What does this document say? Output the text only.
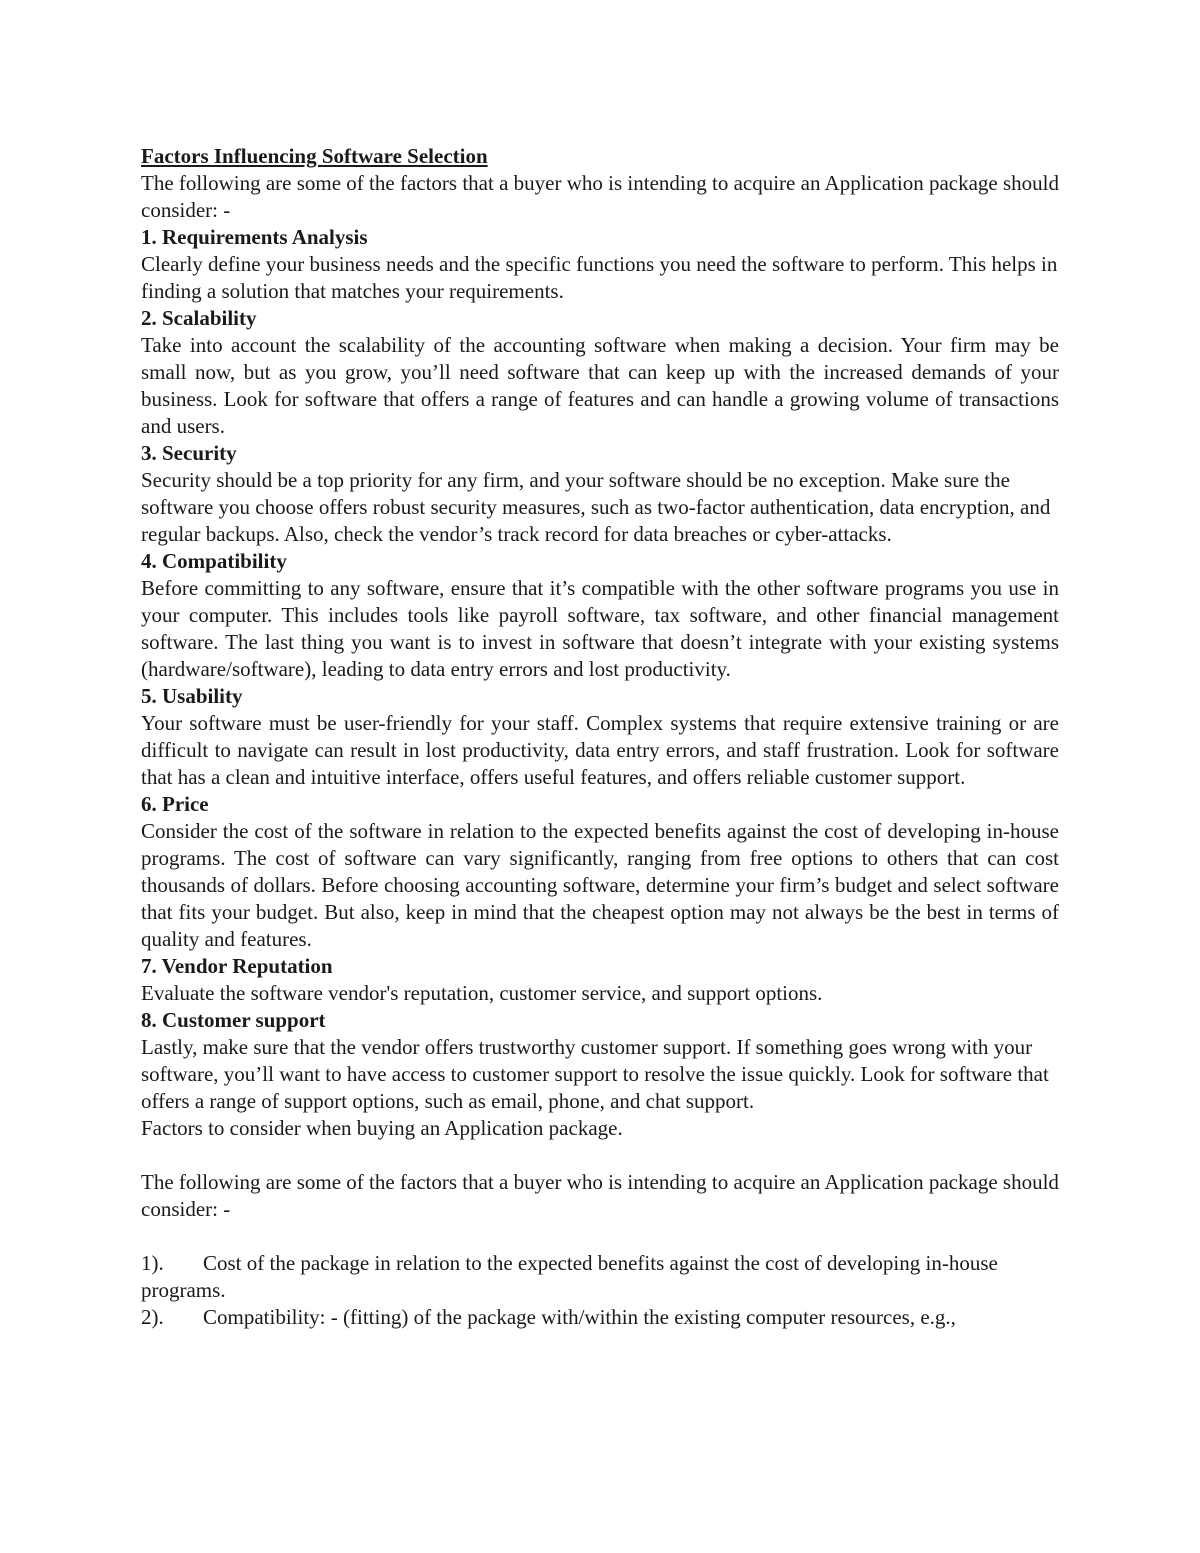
Factors Influencing Software Selection

The following are some of the factors that a buyer who is intending to acquire an Application package should consider: -

1. Requirements Analysis

Clearly define your business needs and the specific functions you need the software to perform. This helps in finding a solution that matches your requirements.

2. Scalability

Take into account the scalability of the accounting software when making a decision. Your firm may be small now, but as you grow, you’ll need software that can keep up with the increased demands of your business. Look for software that offers a range of features and can handle a growing volume of transactions and users.

3. Security

Security should be a top priority for any firm, and your software should be no exception. Make sure the software you choose offers robust security measures, such as two-factor authentication, data encryption, and regular backups. Also, check the vendor’s track record for data breaches or cyber-attacks.

4. Compatibility

Before committing to any software, ensure that it’s compatible with the other software programs you use in your computer. This includes tools like payroll software, tax software, and other financial management software. The last thing you want is to invest in software that doesn’t integrate with your existing systems (hardware/software), leading to data entry errors and lost productivity.

5. Usability

Your software must be user-friendly for your staff. Complex systems that require extensive training or are difficult to navigate can result in lost productivity, data entry errors, and staff frustration. Look for software that has a clean and intuitive interface, offers useful features, and offers reliable customer support.

6. Price

Consider the cost of the software in relation to the expected benefits against the cost of developing in-house programs. The cost of software can vary significantly, ranging from free options to others that can cost thousands of dollars. Before choosing accounting software, determine your firm’s budget and select software that fits your budget. But also, keep in mind that the cheapest option may not always be the best in terms of quality and features.

7. Vendor Reputation

Evaluate the software vendor's reputation, customer service, and support options.

8. Customer support

Lastly, make sure that the vendor offers trustworthy customer support. If something goes wrong with your software, you’ll want to have access to customer support to resolve the issue quickly. Look for software that offers a range of support options, such as email, phone, and chat support.

Factors to consider when buying an Application package.

The following are some of the factors that a buyer who is intending to acquire an Application package should consider: -

1). Cost of the package in relation to the expected benefits against the cost of developing in-house programs.

2). Compatibility: - (fitting) of the package with/within the existing computer resources, e.g.,
